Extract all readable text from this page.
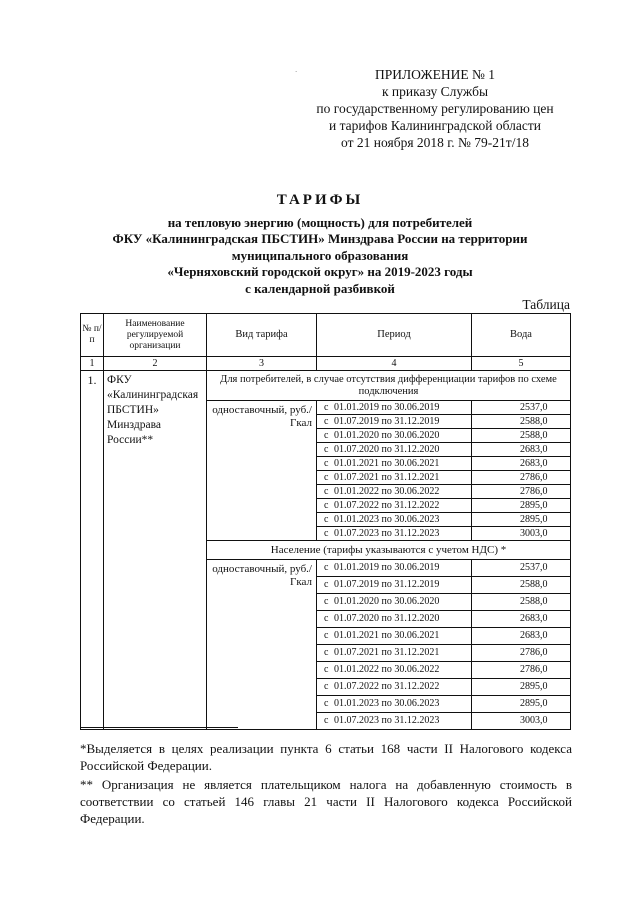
`	ПРИЛОЖЕНИЕ № 1
к приказу Службы
по государственному регулированию цен
и тарифов Калининградской области
от 21 ноября 2018 г. № 79-21т/18
ТАРИФЫ
на тепловую энергию (мощность) для потребителей
ФКУ «Калининградская ПБСТИН» Минздрава России на территории
муниципального образования
«Черняховский городской округ» на 2019-2023 годы
с календарной разбивкой
Таблица
№ п/п	Наименование регулируемой организации	Вид тарифа	Период	Вода
1	2	3	4	5
1.	ФКУ «Калининградская ПБСТИН» Минздрава России**	Для потребителей, в случае отсутствия дифференциации тарифов по схеме подключения		
		одноставочный, руб./Гкал	с 01.01.2019 по 30.06.2019	2537,0
			с 01.07.2019 по 31.12.2019	2588,0
			с 01.01.2020 по 30.06.2020	2588,0
			с 01.07.2020 по 31.12.2020	2683,0
			с 01.01.2021 по 30.06.2021	2683,0
			с 01.07.2021 по 31.12.2021	2786,0
			с 01.01.2022 по 30.06.2022	2786,0
			с 01.07.2022 по 31.12.2022	2895,0
			с 01.01.2023 по 30.06.2023	2895,0
			с 01.07.2023 по 31.12.2023	3003,0
		Население (тарифы указываются с учетом НДС) *		
		одноставочный, руб./Гкал	с 01.01.2019 по 30.06.2019	2537,0
			с 01.07.2019 по 31.12.2019	2588,0
			с 01.01.2020 по 30.06.2020	2588,0
			с 01.07.2020 по 31.12.2020	2683,0
			с 01.01.2021 по 30.06.2021	2683,0
			с 01.07.2021 по 31.12.2021	2786,0
			с 01.01.2022 по 30.06.2022	2786,0
			с 01.07.2022 по 31.12.2022	2895,0
			с 01.01.2023 по 30.06.2023	2895,0
			с 01.07.2023 по 31.12.2023	3003,0

*Выделяется в целях реализации пункта 6 статьи 168 части II Налогового кодекса Российской Федерации.

** Организация не является плательщиком налога на добавленную стоимость в соответствии со статьей 146 главы 21 части II Налогового кодекса Российской Федерации.
